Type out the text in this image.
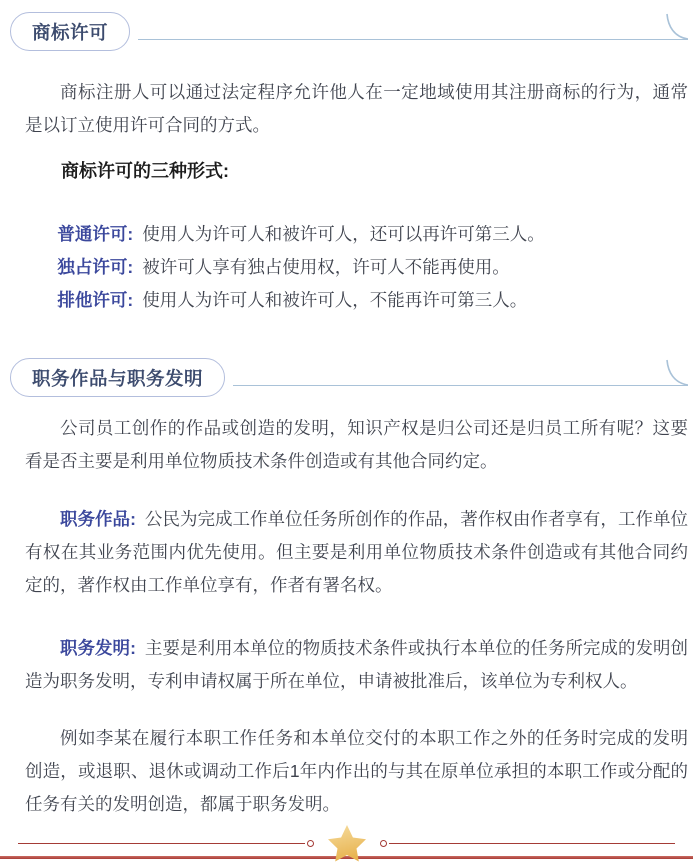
商标许可

商标注册人可以通过法定程序允许他人在一定地域使用其注册商标的行为，通常是以订立使用许可合同的方式。

商标许可的三种形式:

普通许可: 使用人为许可人和被许可人，还可以再许可第三人。

独占许可: 被许可人享有独占使用权，许可人不能再使用。

排他许可: 使用人为许可人和被许可人，不能再许可第三人。

职务作品与职务发明

公司员工创作的作品或创造的发明，知识产权是归公司还是归员工所有呢？这要看是否主要是利用单位物质技术条件创造或有其他合同约定。

职务作品: 公民为完成工作单位任务所创作的作品，著作权由作者享有，工作单位有权在其业务范围内优先使用。但主要是利用单位物质技术条件创造或有其他合同约定的，著作权由工作单位享有，作者有署名权。

职务发明: 主要是利用本单位的物质技术条件或执行本单位的任务所完成的发明创造为职务发明，专利申请权属于所在单位，申请被批准后，该单位为专利权人。

例如李某在履行本职工作任务和本单位交付的本职工作之外的任务时完成的发明创造，或退职、退休或调动工作后1年内作出的与其在原单位承担的本职工作或分配的任务有关的发明创造，都属于职务发明。
